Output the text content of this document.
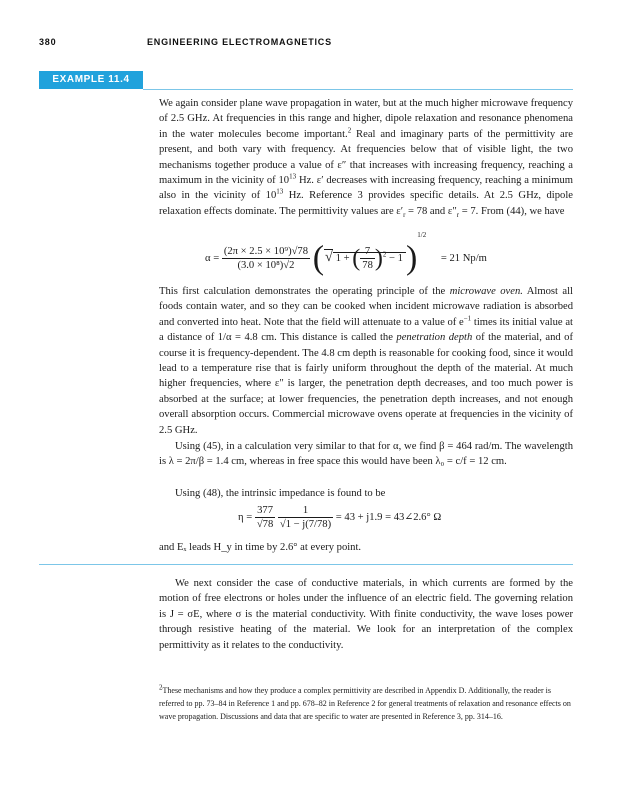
380	ENGINEERING ELECTROMAGNETICS
EXAMPLE 11.4

We again consider plane wave propagation in water, but at the much higher microwave frequency of 2.5 GHz. At frequencies in this range and higher, dipole relaxation and resonance phenomena in the water molecules become important.$^2$ Real and imaginary parts of the permittivity are present, and both vary with frequency. At frequencies below that of visible light, the two mechanisms together produce a value of ε″ that increases with increasing frequency, reaching a maximum in the vicinity of $10^{13}$ Hz. ε′ decreases with increasing frequency, reaching a minimum also in the vicinity of $10^{13}$ Hz. Reference 3 provides specific details. At 2.5 GHz, dipole relaxation effects dominate. The permittivity values are $\varepsilon'_r = 78$ and $\varepsilon''_r = 7$. From (44), we have

$\alpha = \frac{\text{(2π × 2.5 × 10⁹)√78}}{\text{(3.0 × 10⁸)√2}}$ (√ 1 + ( $\frac{7}{78} )^2 - 1)^{1/2} = 21$ Np/m

This first calculation demonstrates the operating principle of the microwave oven. Almost all foods contain water, and so they can be cooked when incident microwave radiation is absorbed and converted into heat. Note that the field will attenuate to a value of $e^{-1}$ times its initial value at a distance of 1/α = 4.8 cm. This distance is called the penetration depth of the material, and of course it is frequency-dependent. The 4.8 cm depth is reasonable for cooking food, since it would lead to a temperature rise that is fairly uniform throughout the depth of the material. At much higher frequencies, where ε″ is larger, the penetration depth decreases, and too much power is absorbed at the surface; at lower frequencies, the penetration depth increases, and not enough overall absorption occurs. Commercial microwave ovens operate at frequencies in the vicinity of 2.5 GHz.

Using (45), in a calculation very similar to that for α, we find β = 464 rad/m. The wavelength is λ = 2π/β = 1.4 cm, whereas in free space this would have been λ₀ = c/f = 12 cm.

Using (48), the intrinsic impedance is found to be

$\eta = \frac{377}{√78}$
$\frac{1}{√1 - j(7/78)} = 43 + j1.9$ = 43∠2.6° Ω

and Eₓ leads H_y in time by 2.6° at every point.

We next consider the case of conductive materials, in which currents are formed by the motion of free electrons or holes under the influence of an electric field. The governing relation is J = σE, where σ is the material conductivity. With finite conductivity, the wave loses power through resistive heating of the material. We look for an interpretation of the complex permittivity as it relates to the conductivity.

$^2$These mechanisms and how they produce a complex permittivity are described in Appendix D. Additionally, the reader is referred to pp. 73–84 in Reference 1 and pp. 678–82 in Reference 2 for general treatments of relaxation and resonance effects on wave propagation. Discussions and data that are specific to water are presented in Reference 3, pp. 314–16.
